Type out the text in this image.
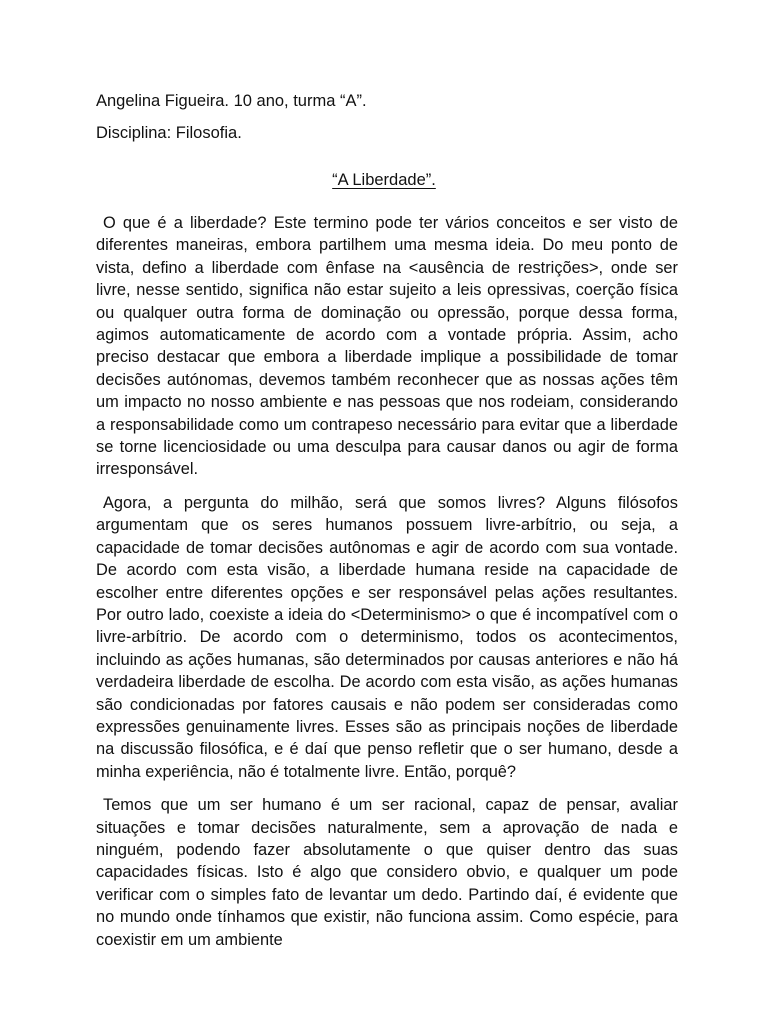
Angelina Figueira. 10 ano, turma “A”.

Disciplina: Filosofia.

“A Liberdade”.

O que é a liberdade? Este termino pode ter vários conceitos e ser visto de diferentes maneiras, embora partilhem uma mesma ideia. Do meu ponto de vista, defino a liberdade com ênfase na <ausência de restrições>, onde ser livre, nesse sentido, significa não estar sujeito a leis opressivas, coerção física ou qualquer outra forma de dominação ou opressão, porque dessa forma, agimos automaticamente de acordo com a vontade própria. Assim, acho preciso destacar que embora a liberdade implique a possibilidade de tomar decisões autónomas, devemos também reconhecer que as nossas ações têm um impacto no nosso ambiente e nas pessoas que nos rodeiam, considerando a responsabilidade como um contrapeso necessário para evitar que a liberdade se torne licenciosidade ou uma desculpa para causar danos ou agir de forma irresponsável.

Agora, a pergunta do milhão, será que somos livres? Alguns filósofos argumentam que os seres humanos possuem livre-arbítrio, ou seja, a capacidade de tomar decisões autônomas e agir de acordo com sua vontade. De acordo com esta visão, a liberdade humana reside na capacidade de escolher entre diferentes opções e ser responsável pelas ações resultantes. Por outro lado, coexiste a ideia do <Determinismo> o que é incompatível com o livre-arbítrio. De acordo com o determinismo, todos os acontecimentos, incluindo as ações humanas, são determinados por causas anteriores e não há verdadeira liberdade de escolha. De acordo com esta visão, as ações humanas são condicionadas por fatores causais e não podem ser consideradas como expressões genuinamente livres. Esses são as principais noções de liberdade na discussão filosófica, e é daí que penso refletir que o ser humano, desde a minha experiência, não é totalmente livre. Então, porquê?

Temos que um ser humano é um ser racional, capaz de pensar, avaliar situações e tomar decisões naturalmente, sem a aprovação de nada e ninguém, podendo fazer absolutamente o que quiser dentro das suas capacidades físicas. Isto é algo que considero obvio, e qualquer um pode verificar com o simples fato de levantar um dedo. Partindo daí, é evidente que no mundo onde tínhamos que existir, não funciona assim. Como espécie, para coexistir em um ambiente
